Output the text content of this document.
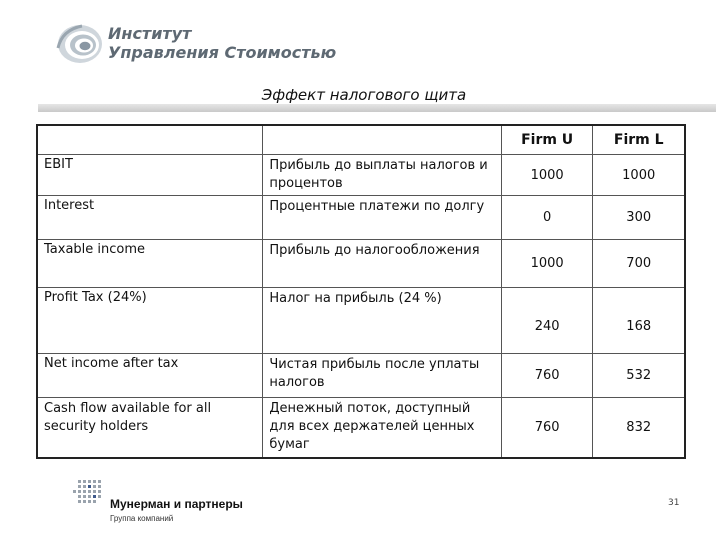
Институт
Управления Стоимостью
Эффект налогового щита
		Firm U	Firm L
EBIT	Прибыль до выплаты налогов и процентов	1000	1000
Interest	Процентные платежи по долгу	0	300
Taxable income	Прибыль до налогообложения	1000	700
Profit Tax (24%)	Налог на прибыль (24 %)	240	168
Net income after tax	Чистая прибыль после уплаты налогов	760	532
Cash flow available for all security holders	Денежный поток, доступный для всех держателей ценных бумаг	760	832
Мунерман и партнеры
Группа компаний
31
